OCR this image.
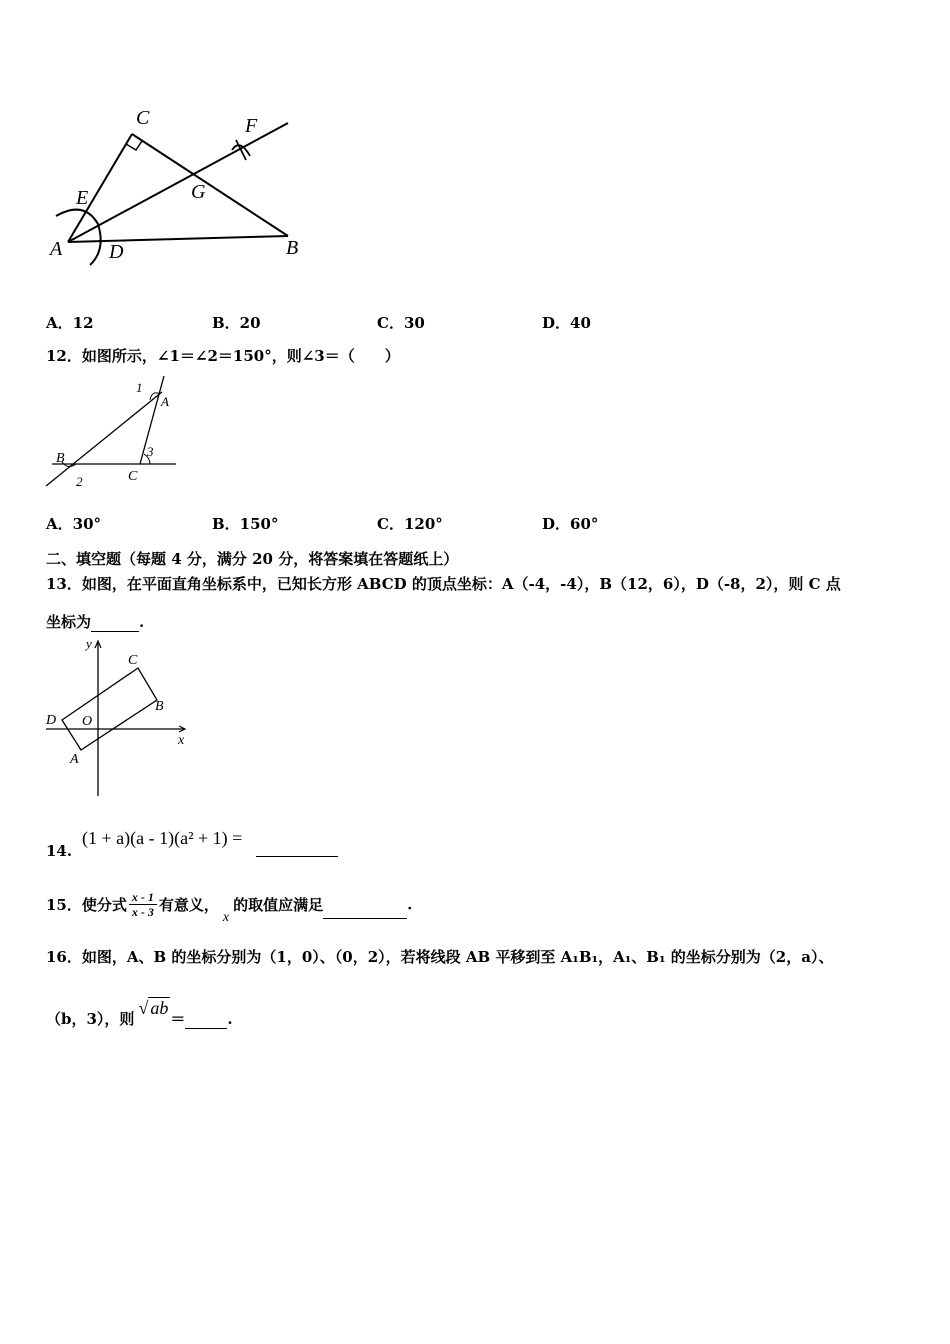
C	F
E	G
A D	B
A．12	B．20	C．30	D．40
12．如图所示，∠1＝∠2＝150°，则∠3＝（　　）
1
A
B	3
2	C
A．30°	B．150°	C．120°	D．60°
二、填空题（每题 4 分，满分 20 分，将答案填在答题纸上）
13．如图，在平面直角坐标系中，已知长方形 ABCD 的顶点坐标：A（-4，-4），B（12，6），D（-8，2），则 C 点
坐标为	.
y
C
D O
B
A
x
14.
(1 + a)(a - 1)(a² + 1) =
15．使分式 $\frac{x - 1}{x - 3}$ 有意义，x的取值应满足	.
16．如图，A、B 的坐标分别为（1，0）、（0，2），若将线段 AB 平移到至 A₁B₁，A₁、B₁ 的坐标分别为（2，a）、
（b，3），则√ ab＝	.
